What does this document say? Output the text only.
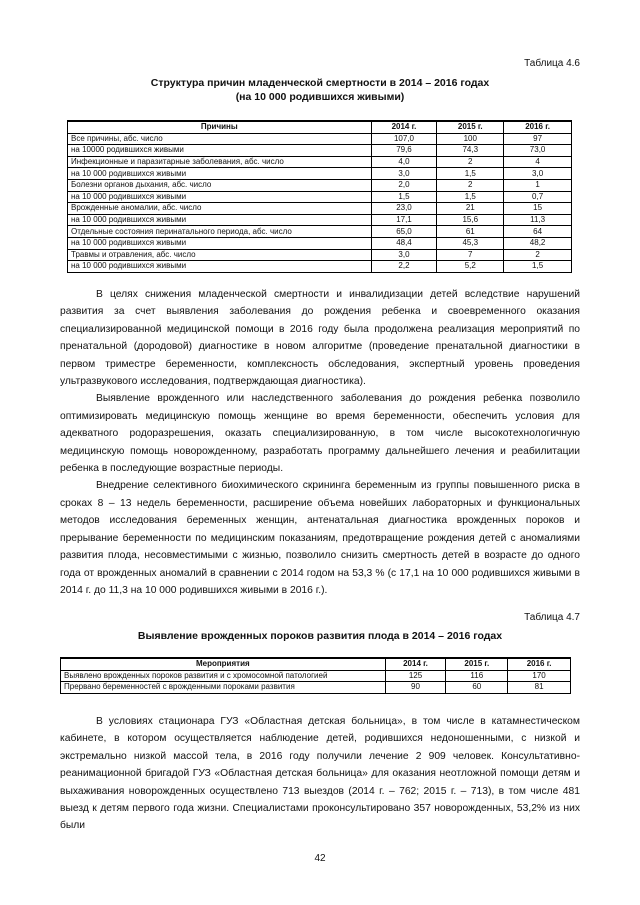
Таблица 4.6
Структура причин младенческой смертности в 2014 – 2016 годах
(на 10 000 родившихся живыми)
Причины	2014 г.	2015 г.	2016 г.
Все причины, абс. число	107,0	100	97
на 10000 родившихся живыми	79,6	74,3	73,0
Инфекционные и паразитарные заболевания, абс. число	4,0	2	4
на 10 000 родившихся живыми	3,0	1,5	3,0
Болезни органов дыхания, абс. число	2,0	2	1
на 10 000 родившихся живыми	1,5	1,5	0,7
Врожденные аномалии, абс. число	23,0	21	15
на 10 000 родившихся живыми	17,1	15,6	11,3
Отдельные состояния перинатального периода, абс. число	65,0	61	64
на 10 000 родившихся живыми	48,4	45,3	48,2
Травмы и отравления, абс. число	3,0	7	2
на 10 000 родившихся живыми	2,2	5,2	1,5

В целях снижения младенческой смертности и инвалидизации детей вследствие нарушений развития за счет выявления заболевания до рождения ребенка и своевременного оказания специализированной медицинской помощи в 2016 году была продолжена реализация мероприятий по пренатальной (дородовой) диагностике в новом алгоритме (проведение пренатальной диагностики в первом триместре беременности, комплексность обследования, экспертный уровень проведения ультразвукового исследования, подтверждающая диагностика).

Выявление врожденного или наследственного заболевания до рождения ребенка позволило оптимизировать медицинскую помощь женщине во время беременности, обеспечить условия для адекватного родоразрешения, оказать специализированную, в том числе высокотехнологичную медицинскую помощь новорожденному, разработать программу дальнейшего лечения и реабилитации ребенка в последующие возрастные периоды.

Внедрение селективного биохимического скрининга беременным из группы повышенного риска в сроках 8 – 13 недель беременности, расширение объема новейших лабораторных и функциональных методов исследования беременных женщин, антенатальная диагностика врожденных пороков и прерывание беременности по медицинским показаниям, предотвращение рождения детей с аномалиями развития плода, несовместимыми с жизнью, позволило снизить смертность детей в возрасте до одного года от врожденных аномалий в сравнении с 2014 годом на 53,3 % (с 17,1 на 10 000 родившихся живыми в 2014 г. до 11,3 на 10 000 родившихся живыми в 2016 г.).

Таблица 4.7
Выявление врожденных пороков развития плода в 2014 – 2016 годах
Мероприятия	2014 г.	2015 г.	2016 г.
Выявлено врожденных пороков развития и с хромосомной патологией	125	116	170
Прервано беременностей с врожденными пороками развития	90	60	81

В условиях стационара ГУЗ «Областная детская больница», в том числе в катамнестическом кабинете, в котором осуществляется наблюдение детей, родившихся недоношенными, с низкой и экстремально низкой массой тела, в 2016 году получили лечение 2 909 человек. Консультативно-реанимационной бригадой ГУЗ «Областная детская больница» для оказания неотложной помощи детям и выхаживания новорожденных осуществлено 713 выездов (2014 г. – 762; 2015 г. – 713), в том числе 481 выезд к детям первого года жизни. Специалистами проконсультировано 357 новорожденных, 53,2% из них были

42
